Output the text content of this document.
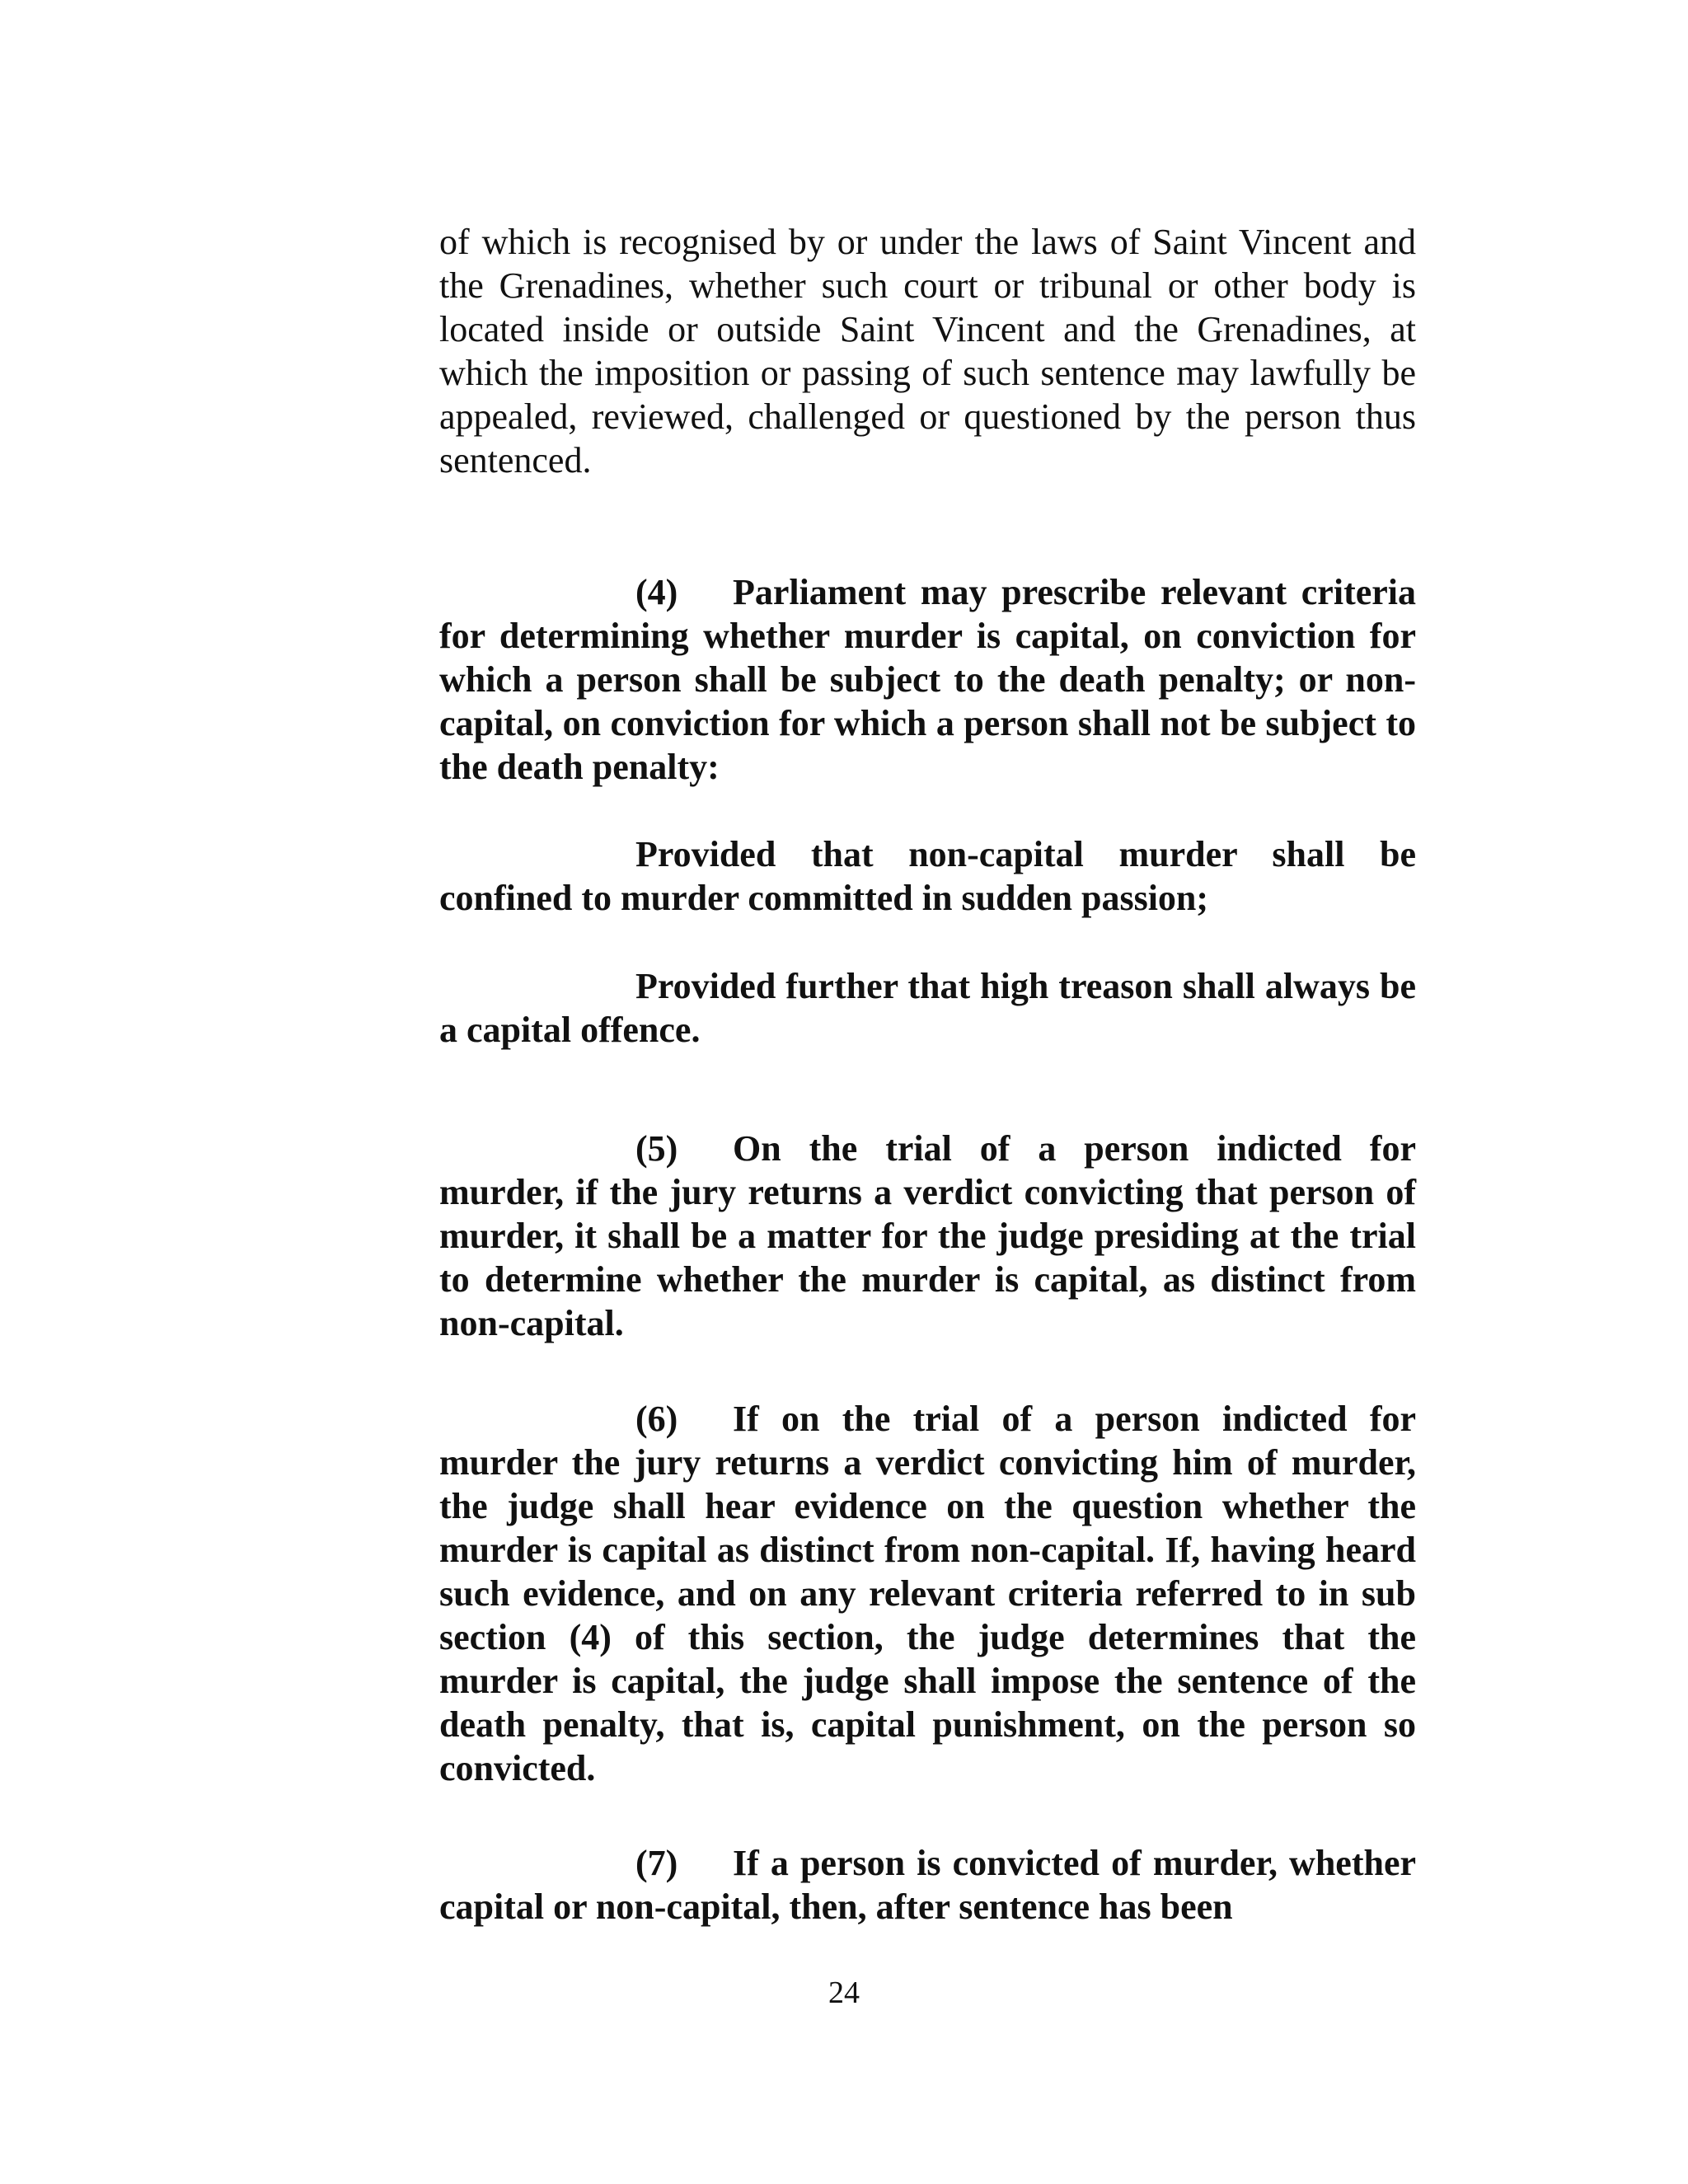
of which is recognised by or under the laws of Saint Vincent and the Grenadines, whether such court or tribunal or other body is located inside or outside Saint Vincent and the Grenadines, at which the imposition or passing of such sentence may lawfully be appealed, reviewed, challenged or questioned by the person thus sentenced.

(4) Parliament may prescribe relevant criteria for determining whether murder is capital, on conviction for which a person shall be subject to the death penalty; or non-capital, on conviction for which a person shall not be subject to the death penalty:

Provided that non-capital murder shall be confined to murder committed in sudden passion;

Provided further that high treason shall always be a capital offence.

(5) On the trial of a person indicted for murder, if the jury returns a verdict convicting that person of murder, it shall be a matter for the judge presiding at the trial to determine whether the murder is capital, as distinct from non-capital.

(6) If on the trial of a person indicted for murder the jury returns a verdict convicting him of murder, the judge shall hear evidence on the question whether the murder is capital as distinct from non-capital. If, having heard such evidence, and on any relevant criteria referred to in sub section (4) of this section, the judge determines that the murder is capital, the judge shall impose the sentence of the death penalty, that is, capital punishment, on the person so convicted.

(7) If a person is convicted of murder, whether capital or non-capital, then, after sentence has been

24
